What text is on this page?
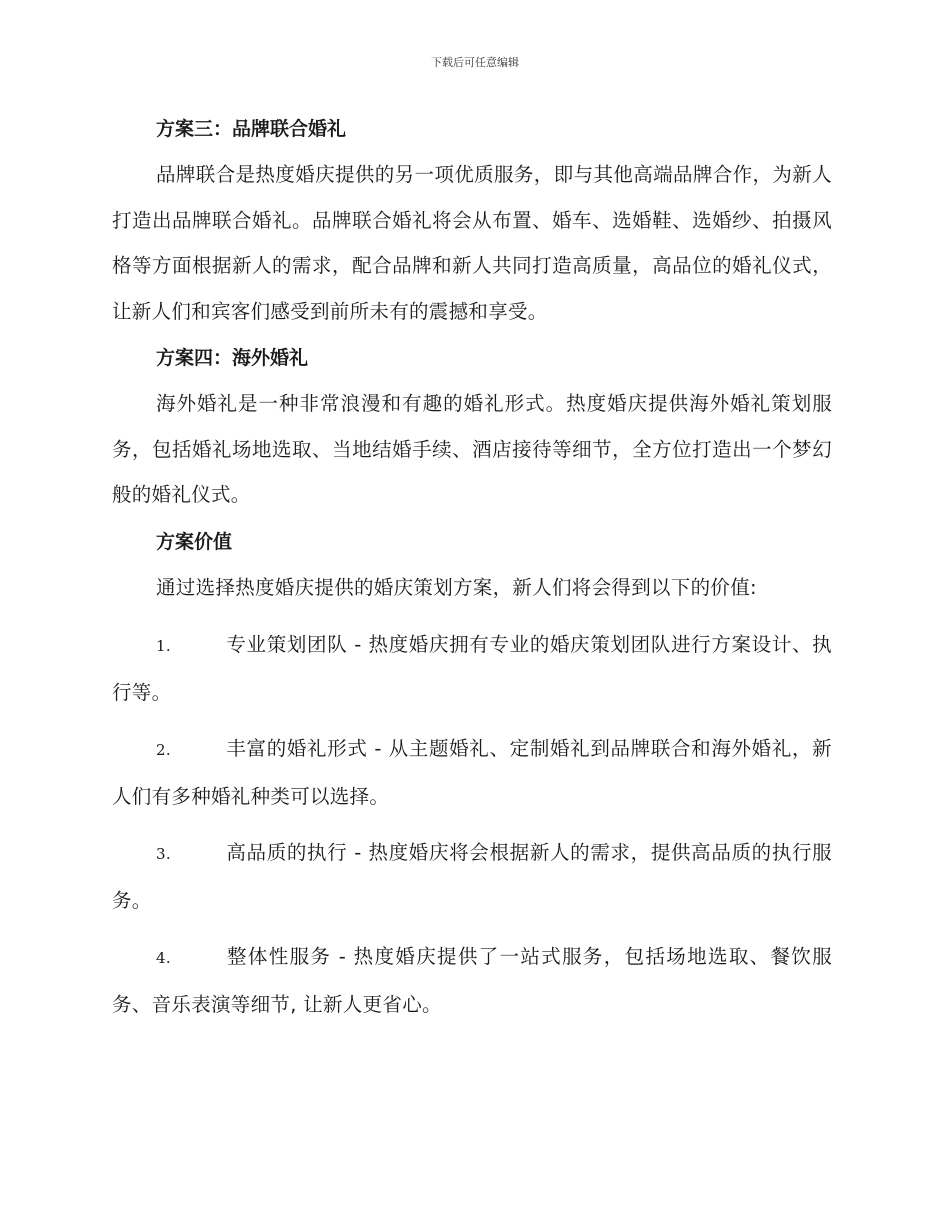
下载后可任意编辑

方案三：品牌联合婚礼

品牌联合是热度婚庆提供的另一项优质服务，即与其他高端品牌合作，为新人打造出品牌联合婚礼。品牌联合婚礼将会从布置、婚车、选婚鞋、选婚纱、拍摄风格等方面根据新人的需求，配合品牌和新人共同打造高质量，高品位的婚礼仪式，让新人们和宾客们感受到前所未有的震撼和享受。

方案四：海外婚礼

海外婚礼是一种非常浪漫和有趣的婚礼形式。热度婚庆提供海外婚礼策划服务，包括婚礼场地选取、当地结婚手续、酒店接待等细节，全方位打造出一个梦幻般的婚礼仪式。

方案价值

通过选择热度婚庆提供的婚庆策划方案，新人们将会得到以下的价值:

1.	专业策划团队 - 热度婚庆拥有专业的婚庆策划团队进行方案设计、执行等。

2.	丰富的婚礼形式 - 从主题婚礼、定制婚礼到品牌联合和海外婚礼，新人们有多种婚礼种类可以选择。

3.	高品质的执行 - 热度婚庆将会根据新人的需求，提供高品质的执行服务。

4.	整体性服务 - 热度婚庆提供了一站式服务，包括场地选取、餐饮服务、音乐表演等细节, 让新人更省心。
